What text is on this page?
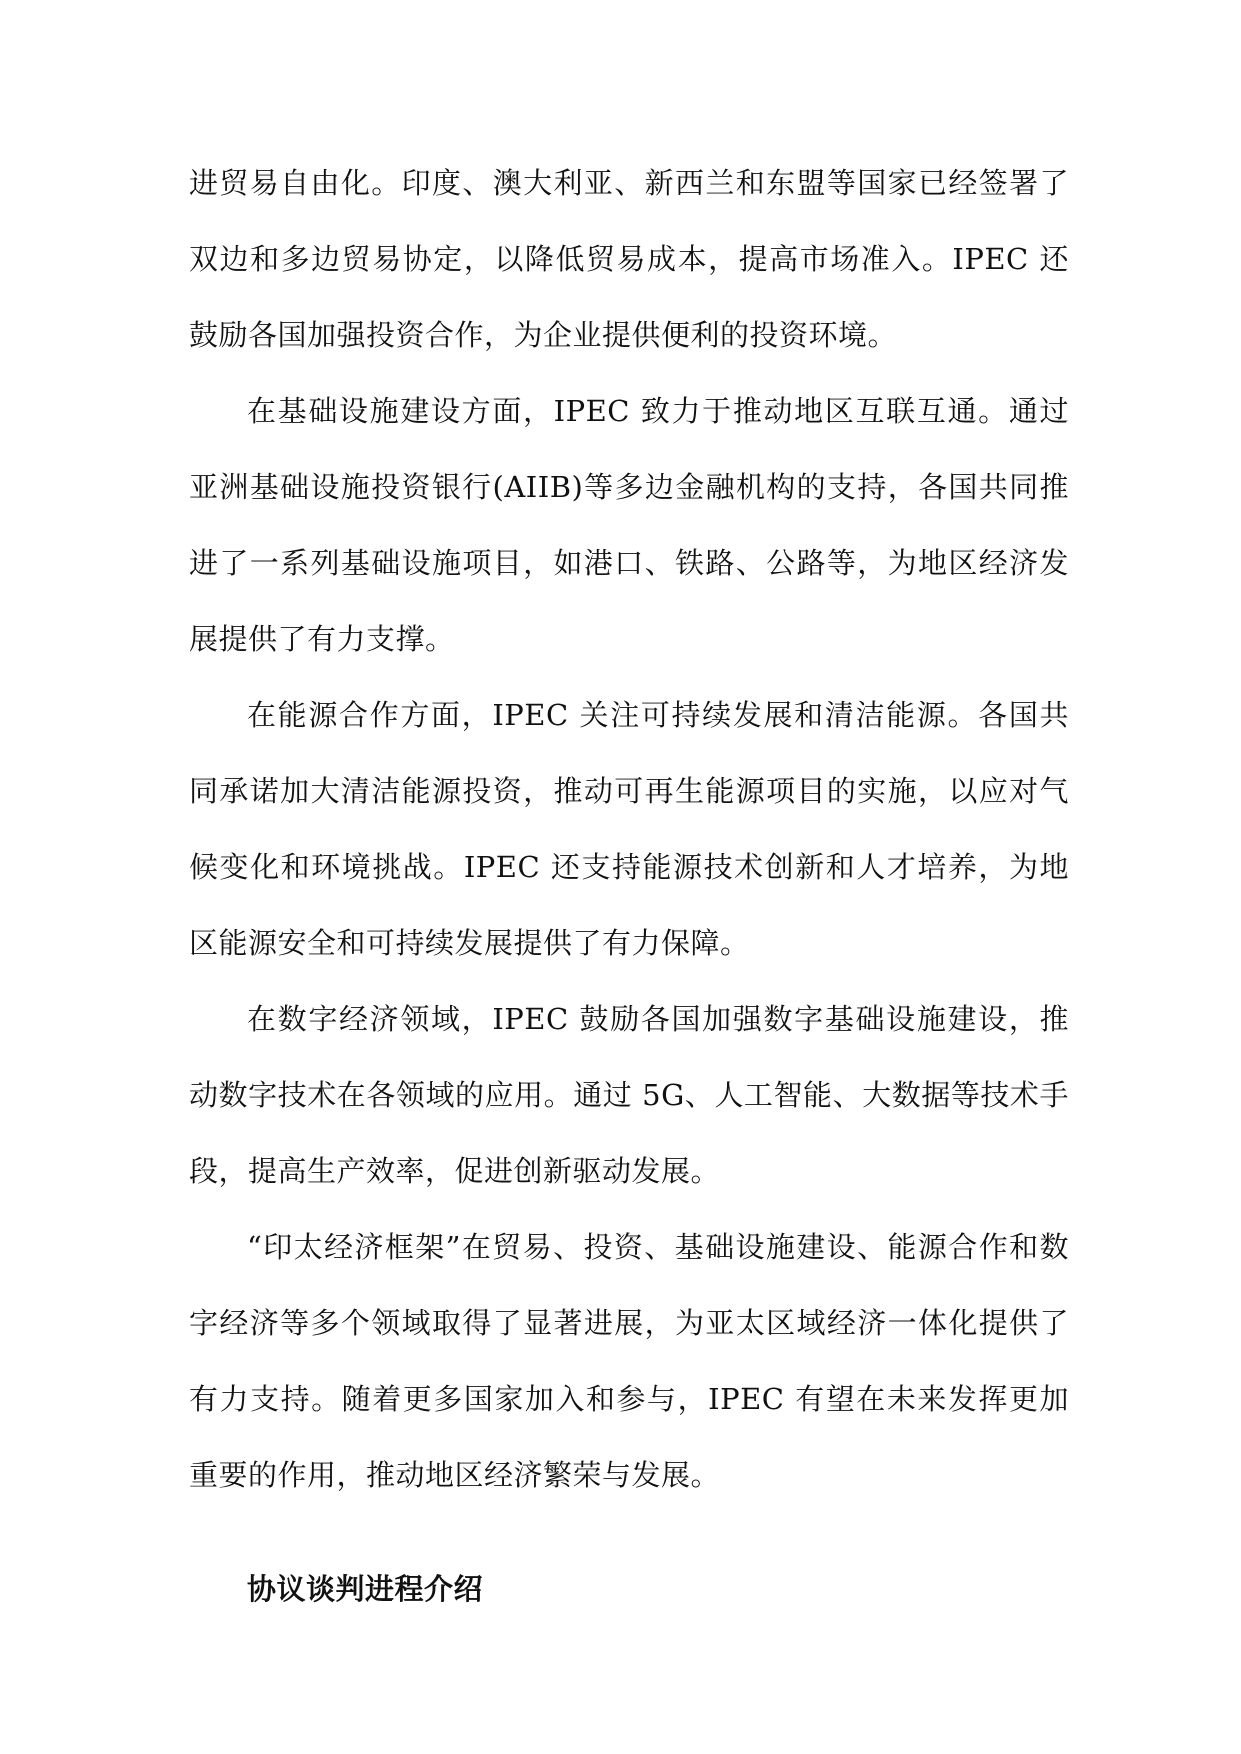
进贸易自由化。印度、澳大利亚、新西兰和东盟等国家已经签署了双边和多边贸易协定，以降低贸易成本，提高市场准入。IPEC 还鼓励各国加强投资合作，为企业提供便利的投资环境。

在基础设施建设方面，IPEC 致力于推动地区互联互通。通过亚洲基础设施投资银行(AIIB)等多边金融机构的支持，各国共同推进了一系列基础设施项目，如港口、铁路、公路等，为地区经济发展提供了有力支撑。

在能源合作方面，IPEC 关注可持续发展和清洁能源。各国共同承诺加大清洁能源投资，推动可再生能源项目的实施，以应对气候变化和环境挑战。IPEC 还支持能源技术创新和人才培养，为地区能源安全和可持续发展提供了有力保障。

在数字经济领域，IPEC 鼓励各国加强数字基础设施建设，推动数字技术在各领域的应用。通过 5G、人工智能、大数据等技术手段，提高生产效率，促进创新驱动发展。

“印太经济框架”在贸易、投资、基础设施建设、能源合作和数字经济等多个领域取得了显著进展，为亚太区域经济一体化提供了有力支持。随着更多国家加入和参与，IPEC 有望在未来发挥更加重要的作用，推动地区经济繁荣与发展。

协议谈判进程介绍
